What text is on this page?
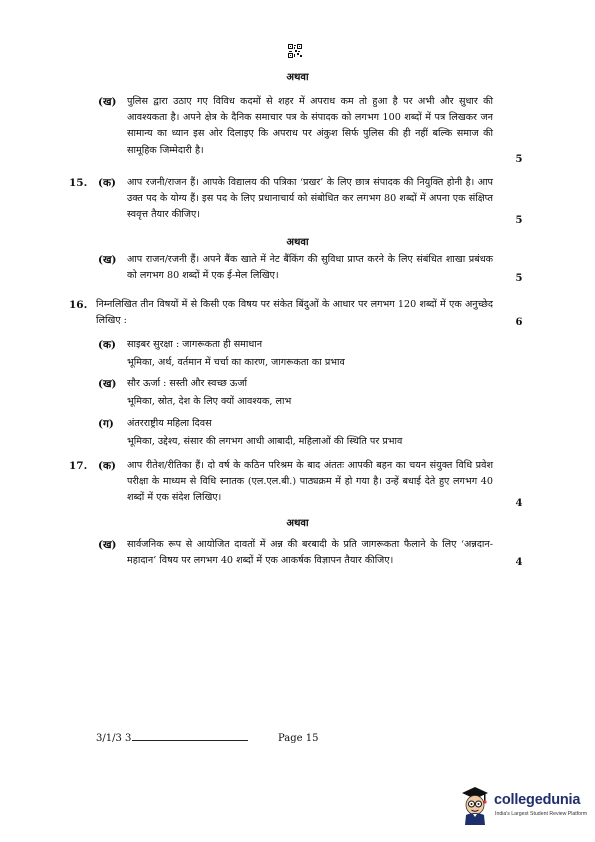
अथवा
(ख) पुलिस द्वारा उठाए गए विविध कदमों से शहर में अपराध कम तो हुआ है पर अभी और सुधार की आवश्यकता है। अपने क्षेत्र के दैनिक समाचार पत्र के संपादक को लगभग 100 शब्दों में पत्र लिखकर जन सामान्य का ध्यान इस ओर दिलाइए कि अपराध पर अंकुश सिर्फ पुलिस की ही नहीं बल्कि समाज की सामूहिक जिम्मेदारी है।

5
15. (क) आप रजनी/राजन हैं। आपके विद्यालय की पत्रिका ‘प्रखर’ के लिए छात्र संपादक की नियुक्ति होनी है। आप उक्त पद के योग्य हैं। इस पद के लिए प्रधानाचार्य को संबोधित कर लगभग 80 शब्दों में अपना एक संक्षिप्त स्ववृत्त तैयार कीजिए।

5
अथवा
(ख) आप राजन/रजनी हैं। अपने बैंक खाते में नेट बैंकिंग की सुविधा प्राप्त करने के लिए संबंधित शाखा प्रबंधक को लगभग 80 शब्दों में एक ई-मेल लिखिए।	5
16. निम्नलिखित तीन विषयों में से किसी एक विषय पर संकेत बिंदुओं के आधार पर लगभग 120 शब्दों में एक अनुच्छेद लिखिए :	6
(क) साइबर सुरक्षा : जागरूकता ही समाधान
भूमिका, अर्थ, वर्तमान में चर्चा का कारण, जागरूकता का प्रभाव
(ख) सौर ऊर्जा : सस्ती और स्वच्छ ऊर्जा
भूमिका, स्रोत, देश के लिए क्यों आवश्यक, लाभ
(ग) अंतरराष्ट्रीय महिला दिवस
भूमिका, उद्देश्य, संसार की लगभग आधी आबादी, महिलाओं की स्थिति पर प्रभाव
17. (क) आप रीतेश/रीतिका हैं। दो वर्ष के कठिन परिश्रम के बाद अंततः आपकी बहन का चयन संयुक्त विधि प्रवेश परीक्षा के माध्यम से विधि स्नातक (एल.एल.बी.) पाठ्यक्रम में हो गया है। उन्हें बधाई देते हुए लगभग 40 शब्दों में एक संदेश लिखिए।

4
अथवा
(ख) सार्वजनिक रूप से आयोजित दावतों में अन्न की बरबादी के प्रति जागरूकता फैलाने के लिए ‘अन्नदान-महादान’ विषय पर लगभग 40 शब्दों में एक आकर्षक विज्ञापन तैयार कीजिए।	4
3/1/3 3	Page 15
collegedunia
India's Largest Student Review Platform
